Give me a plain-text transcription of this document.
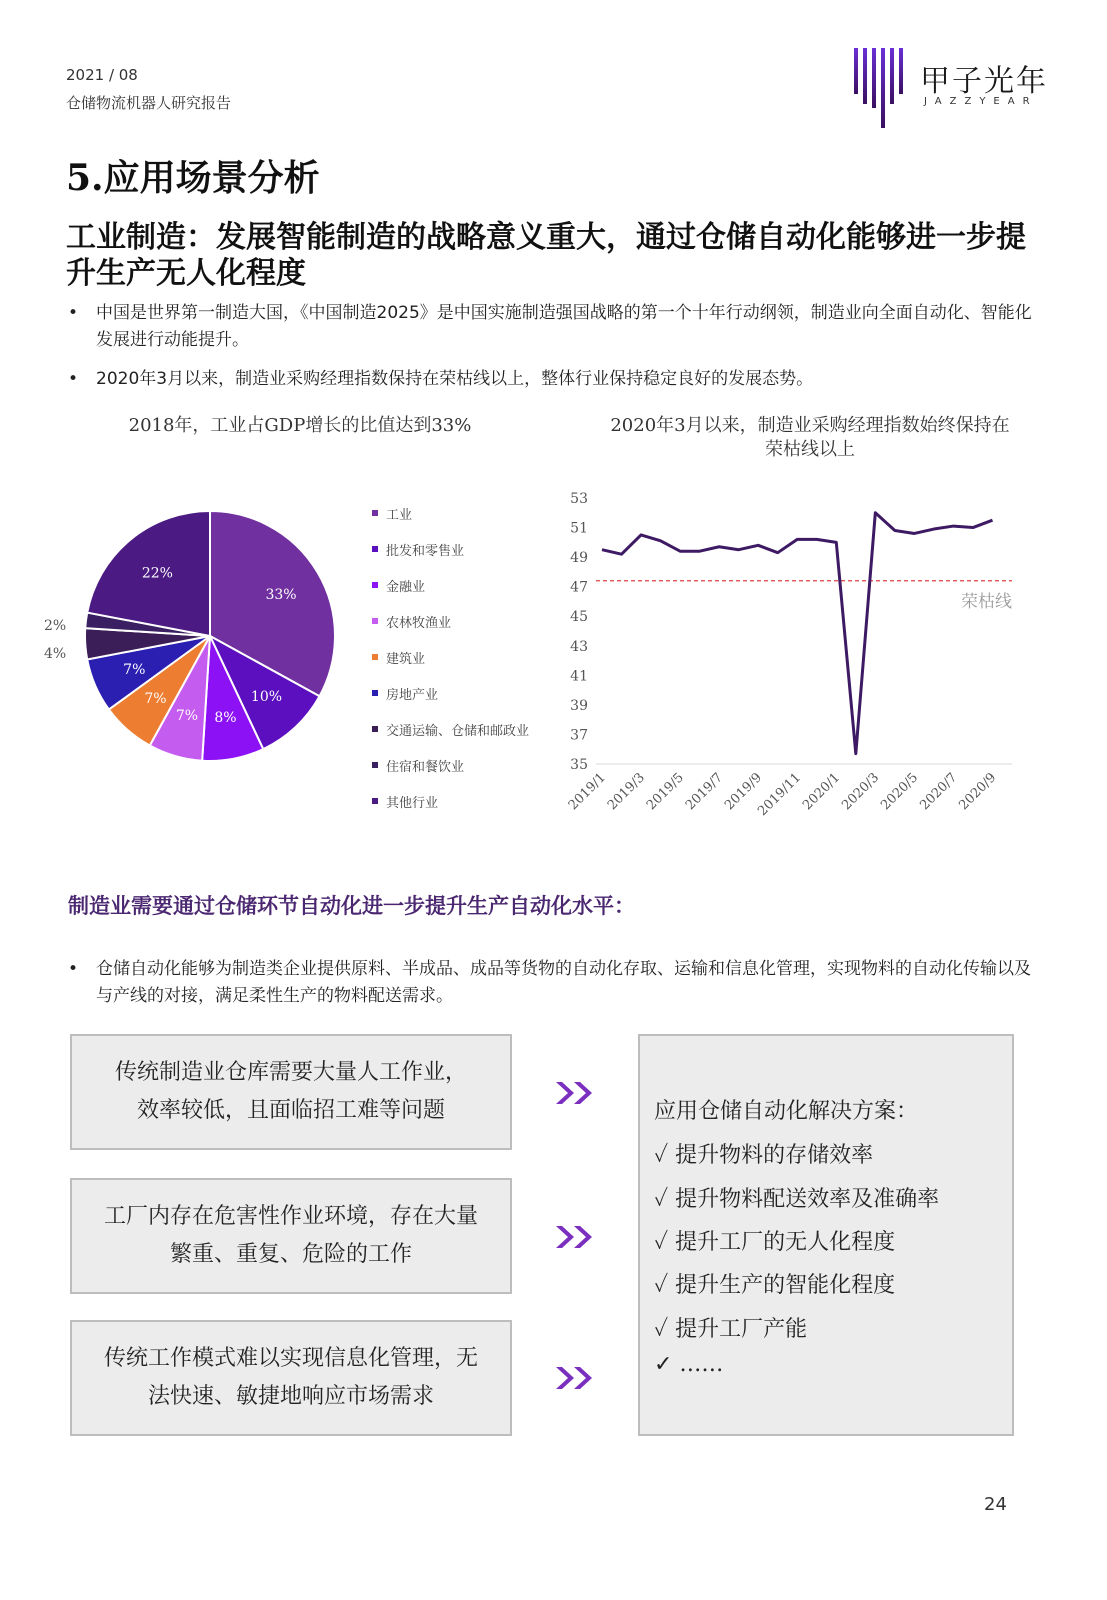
2021 / 08
仓储物流机器人研究报告
甲子光年
JAZZYEAR
5.应用场景分析
工业制造：发展智能制造的战略意义重大，通过仓储自动化能够进一步提升生产无人化程度
• 中国是世界第一制造大国，《中国制造2025》是中国实施制造强国战略的第一个十年行动纲领，制造业向全面自动化、智能化发展进行动能提升。
• 2020年3月以来，制造业采购经理指数保持在荣枯线以上，整体行业保持稳定良好的发展态势。
2018年，工业占GDP增长的比值达到33%
33%
10%
8%
7%
7%
7%
4%
2%
22%
工业
批发和零售业
金融业
农林牧渔业
建筑业
房地产业
交通运输、仓储和邮政业
住宿和餐饮业
其他行业
2020年3月以来，制造业采购经理指数始终保持在荣枯线以上
35
37
39
41
43
45
47
49
51
53
2019/1
2019/3
2019/5
2019/7
2019/9
2019/11
2020/1
2020/3
2020/5
2020/7
2020/9
荣枯线
制造业需要通过仓储环节自动化进一步提升生产自动化水平：
• 仓储自动化能够为制造类企业提供原料、半成品、成品等货物的自动化存取、运输和信息化管理，实现物料的自动化传输以及与产线的对接，满足柔性生产的物料配送需求。
传统制造业仓库需要大量人工作业，
效率较低，且面临招工难等问题
工厂内存在危害性作业环境，存在大量
繁重、重复、危险的工作
传统工作模式难以实现信息化管理，无
法快速、敏捷地响应市场需求
应用仓储自动化解决方案：
✓ 提升物料的存储效率
✓ 提升物料配送效率及准确率
✓ 提升工厂的无人化程度
✓ 提升生产的智能化程度
✓ 提升工厂产能
✓ ……
24
